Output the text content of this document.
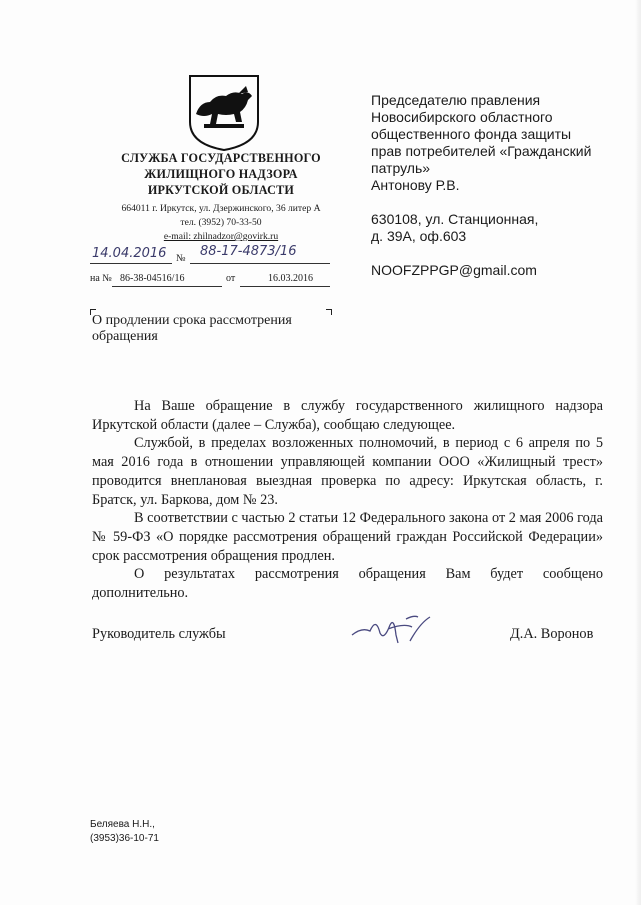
СЛУЖБА ГОСУДАРСТВЕННОГО
ЖИЛИЩНОГО НАДЗОРА
ИРКУТСКОЙ ОБЛАСТИ
664011 г. Иркутск, ул. Дзержинского, 36 литер А
тел. (3952) 70-33-50
e-mail: zhilnadzor@govirk.ru
14.04.2016 № 88-17-4873/16
на № 86-38-04516/16	от	16.03.2016
Председателю правления
Новосибирского областного
общественного фонда защиты
прав потребителей «Гражданский
патруль»
Антонову Р.В.
630108, ул. Станционная,
д. 39А, оф.603
NOOFZPPGP@gmail.com
О продлении срока рассмотрения обращения

На Ваше обращение в службу государственного жилищного надзора Иркутской области (далее – Служба), сообщаю следующее.

Службой, в пределах возложенных полномочий, в период с 6 апреля по 5 мая 2016 года в отношении управляющей компании ООО «Жилищный трест» проводится внеплановая выездная проверка по адресу: Иркутская область, г. Братск, ул. Баркова, дом № 23.

В соответствии с частью 2 статьи 12 Федерального закона от 2 мая 2006 года № 59-ФЗ «О порядке рассмотрения обращений граждан Российской Федерации» срок рассмотрения обращения продлен.

О результатах рассмотрения обращения Вам будет сообщено дополнительно.

Руководитель службы	Д.А. Воронов
Беляева Н.Н.,
(3953)36-10-71
